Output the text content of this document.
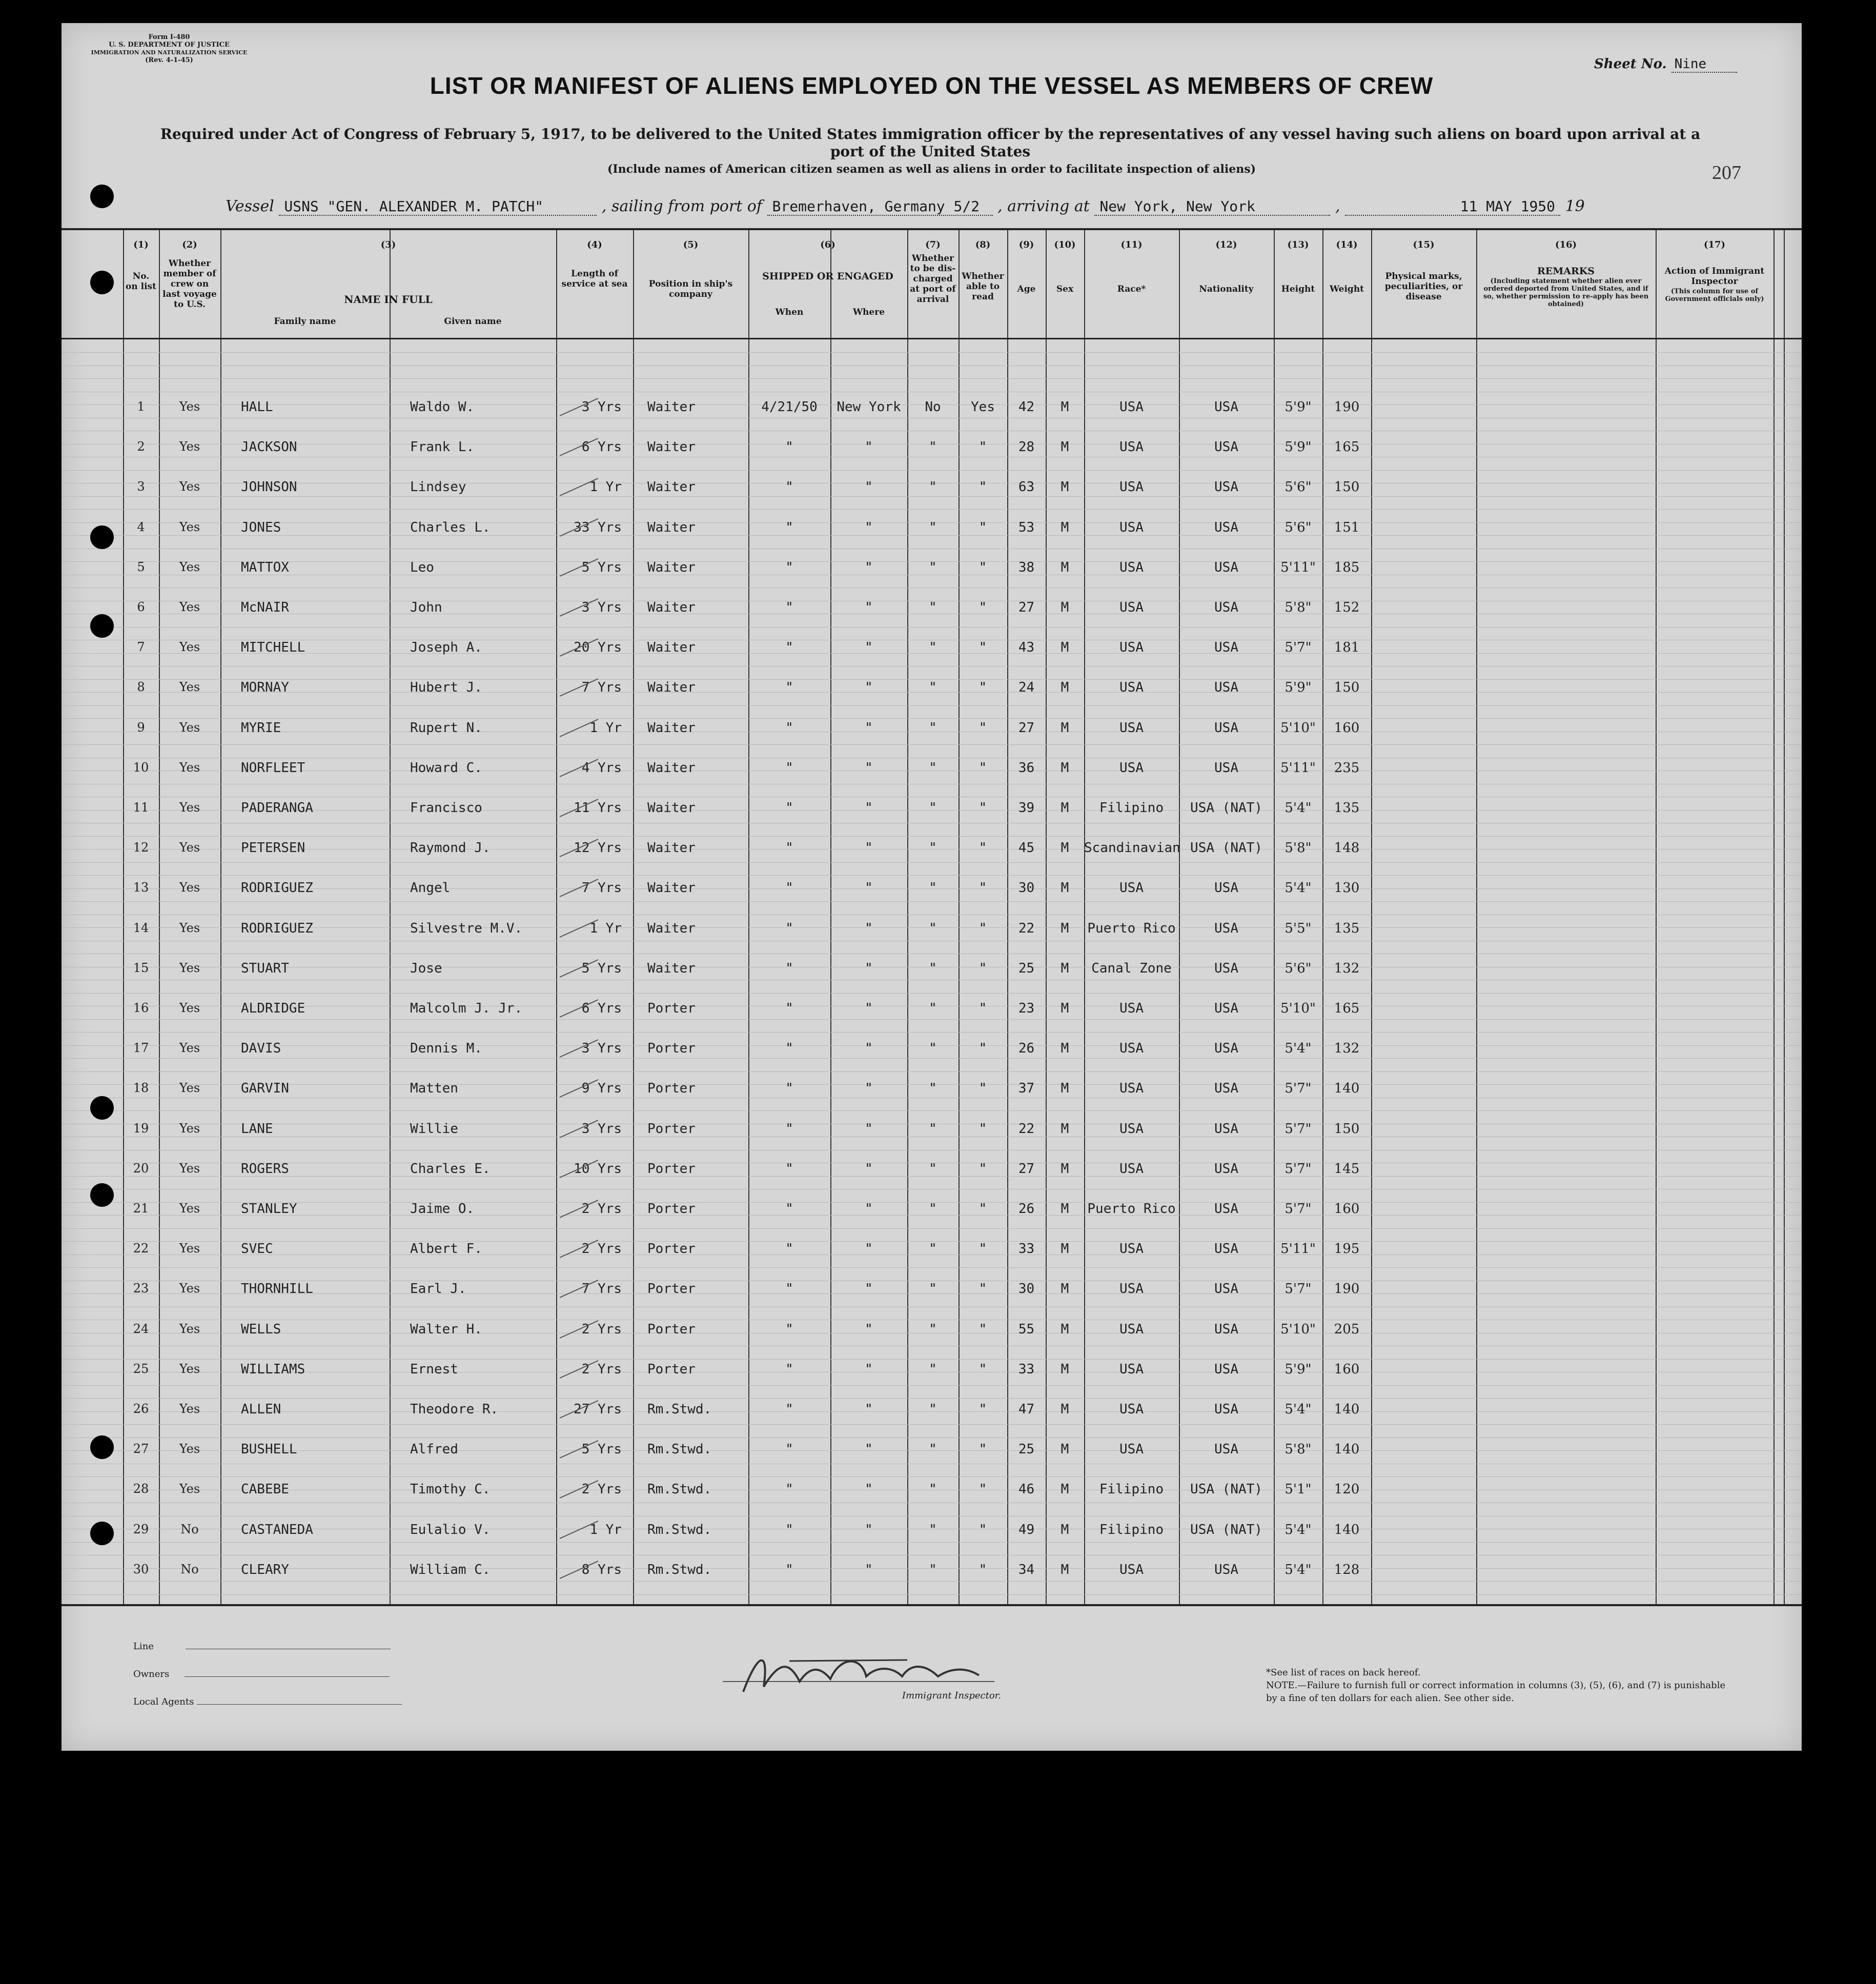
Form I-480
U. S. DEPARTMENT OF JUSTICE
IMMIGRATION AND NATURALIZATION SERVICE
(Rev. 4-1-45)	Sheet No. Nine
LIST OR MANIFEST OF ALIENS EMPLOYED ON THE VESSEL AS MEMBERS OF CREW
Required under Act of Congress of February 5, 1917, to be delivered to the United States immigration officer by the representatives of any vessel having such aliens on board upon arrival at a port of the United States
(Include names of American citizen seamen as well as aliens in order to facilitate inspection of aliens)	207
Vessel USNS "GEN. ALEXANDER M. PATCH"	, sailing from port of Bremerhaven, Germany 5/2 , arriving at New York, New York	,	11 MAY 1950 19
(1)	(2)	(3)	(4)	(5)	(6)	(7)	(8)	(9)	(10)	(11)	(12)	(13)	(14)	(15)	(16)	(17)
No. on list
Whether member of crew on last voyage to U.S.	NAME IN FULL
Family name	Given name
Length of service at sea	Position in ship's company
SHIPPED OR ENGAGED
When	Where
Whether to be dis-charged at port of arrival
Whether able to read
Age	Sex	Race*	Nationality	Height	Weight
Physical marks, peculiarities, or disease
REMARKS
(Including statement whether alien ever ordered deported from United States, and if so, whether permission to re-apply has been obtained)
Action of Immigrant Inspector
(This column for use of Government officials only)
1	Yes	HALL	Waldo W.	3 Yrs Waiter	4/21/50	New York	No	Yes	42	M	USA	USA	5'9"	190
2	Yes	JACKSON	Frank L.	6 Yrs Waiter	"	"	"	"	28	M	USA	USA	5'9"	165
3	Yes	JOHNSON	Lindsey	1 Yr Waiter	"	"	"	"	63	M	USA	USA	5'6"	150
4	Yes	JONES	Charles L.	33 Yrs Waiter	"	"	"	"	53	M	USA	USA	5'6"	151
5	Yes	MATTOX	Leo	5 Yrs Waiter	"	"	"	"	38	M	USA	USA	5'11"	185
6	Yes	McNAIR	John	3 Yrs Waiter	"	"	"	"	27	M	USA	USA	5'8"	152
7	Yes	MITCHELL	Joseph A.	20 Yrs Waiter	"	"	"	"	43	M	USA	USA	5'7"	181
8	Yes	MORNAY	Hubert J.	7 Yrs Waiter	"	"	"	"	24	M	USA	USA	5'9"	150
9	Yes	MYRIE	Rupert N.	1 Yr Waiter	"	"	"	"	27	M	USA	USA	5'10"	160
10	Yes	NORFLEET	Howard C.	4 Yrs Waiter	"	"	"	"	36	M	USA	USA	5'11"	235
11	Yes	PADERANGA	Francisco	11 Yrs Waiter	"	"	"	"	39	M	Filipino	USA (NAT)	5'4"	135
12	Yes	PETERSEN	Raymond J.	12 Yrs Waiter	"	"	"	"	45	M	Scandinavian USA (NAT)	5'8"	148
13	Yes	RODRIGUEZ	Angel	7 Yrs Waiter	"	"	"	"	30	M	USA	USA	5'4"	130
14	Yes	RODRIGUEZ	Silvestre M.V.	1 Yr Waiter	"	"	"	"	22	M	Puerto Rico	USA	5'5"	135
15	Yes	STUART	Jose	5 Yrs Waiter	"	"	"	"	25	M	Canal Zone	USA	5'6"	132
16	Yes	ALDRIDGE	Malcolm J. Jr.	6 Yrs Porter	"	"	"	"	23	M	USA	USA	5'10"	165
17	Yes	DAVIS	Dennis M.	3 Yrs Porter	"	"	"	"	26	M	USA	USA	5'4"	132
18	Yes	GARVIN	Matten	9 Yrs Porter	"	"	"	"	37	M	USA	USA	5'7"	140
19	Yes	LANE	Willie	3 Yrs Porter	"	"	"	"	22	M	USA	USA	5'7"	150
20	Yes	ROGERS	Charles E.	10 Yrs Porter	"	"	"	"	27	M	USA	USA	5'7"	145
21	Yes	STANLEY	Jaime O.	2 Yrs Porter	"	"	"	"	26	M	Puerto Rico	USA	5'7"	160
22	Yes	SVEC	Albert F.	2 Yrs Porter	"	"	"	"	33	M	USA	USA	5'11"	195
23	Yes	THORNHILL	Earl J.	7 Yrs Porter	"	"	"	"	30	M	USA	USA	5'7"	190
24	Yes	WELLS	Walter H.	2 Yrs Porter	"	"	"	"	55	M	USA	USA	5'10"	205
25	Yes	WILLIAMS	Ernest	2 Yrs Porter	"	"	"	"	33	M	USA	USA	5'9"	160
26	Yes	ALLEN	Theodore R.	27 Yrs Rm.Stwd.	"	"	"	"	47	M	USA	USA	5'4"	140
27	Yes	BUSHELL	Alfred	5 Yrs Rm.Stwd.	"	"	"	"	25	M	USA	USA	5'8"	140
28	Yes	CABEBE	Timothy C.	2 Yrs Rm.Stwd.	"	"	"	"	46	M	Filipino	USA (NAT)	5'1"	120
29	No	CASTANEDA	Eulalio V.	1 Yr Rm.Stwd.	"	"	"	"	49	M	Filipino	USA (NAT)	5'4"	140
30	No	CLEARY	William C.	8 Yrs Rm.Stwd.	"	"	"	"	34	M	USA	USA	5'4"	128
Line
Owners
Local Agents
Immigrant Inspector.
*See list of races on back hereof.
NOTE.—Failure to furnish full or correct information in columns (3), (5), (6), and (7) is punishable by a fine of ten dollars for each alien. See other side.
